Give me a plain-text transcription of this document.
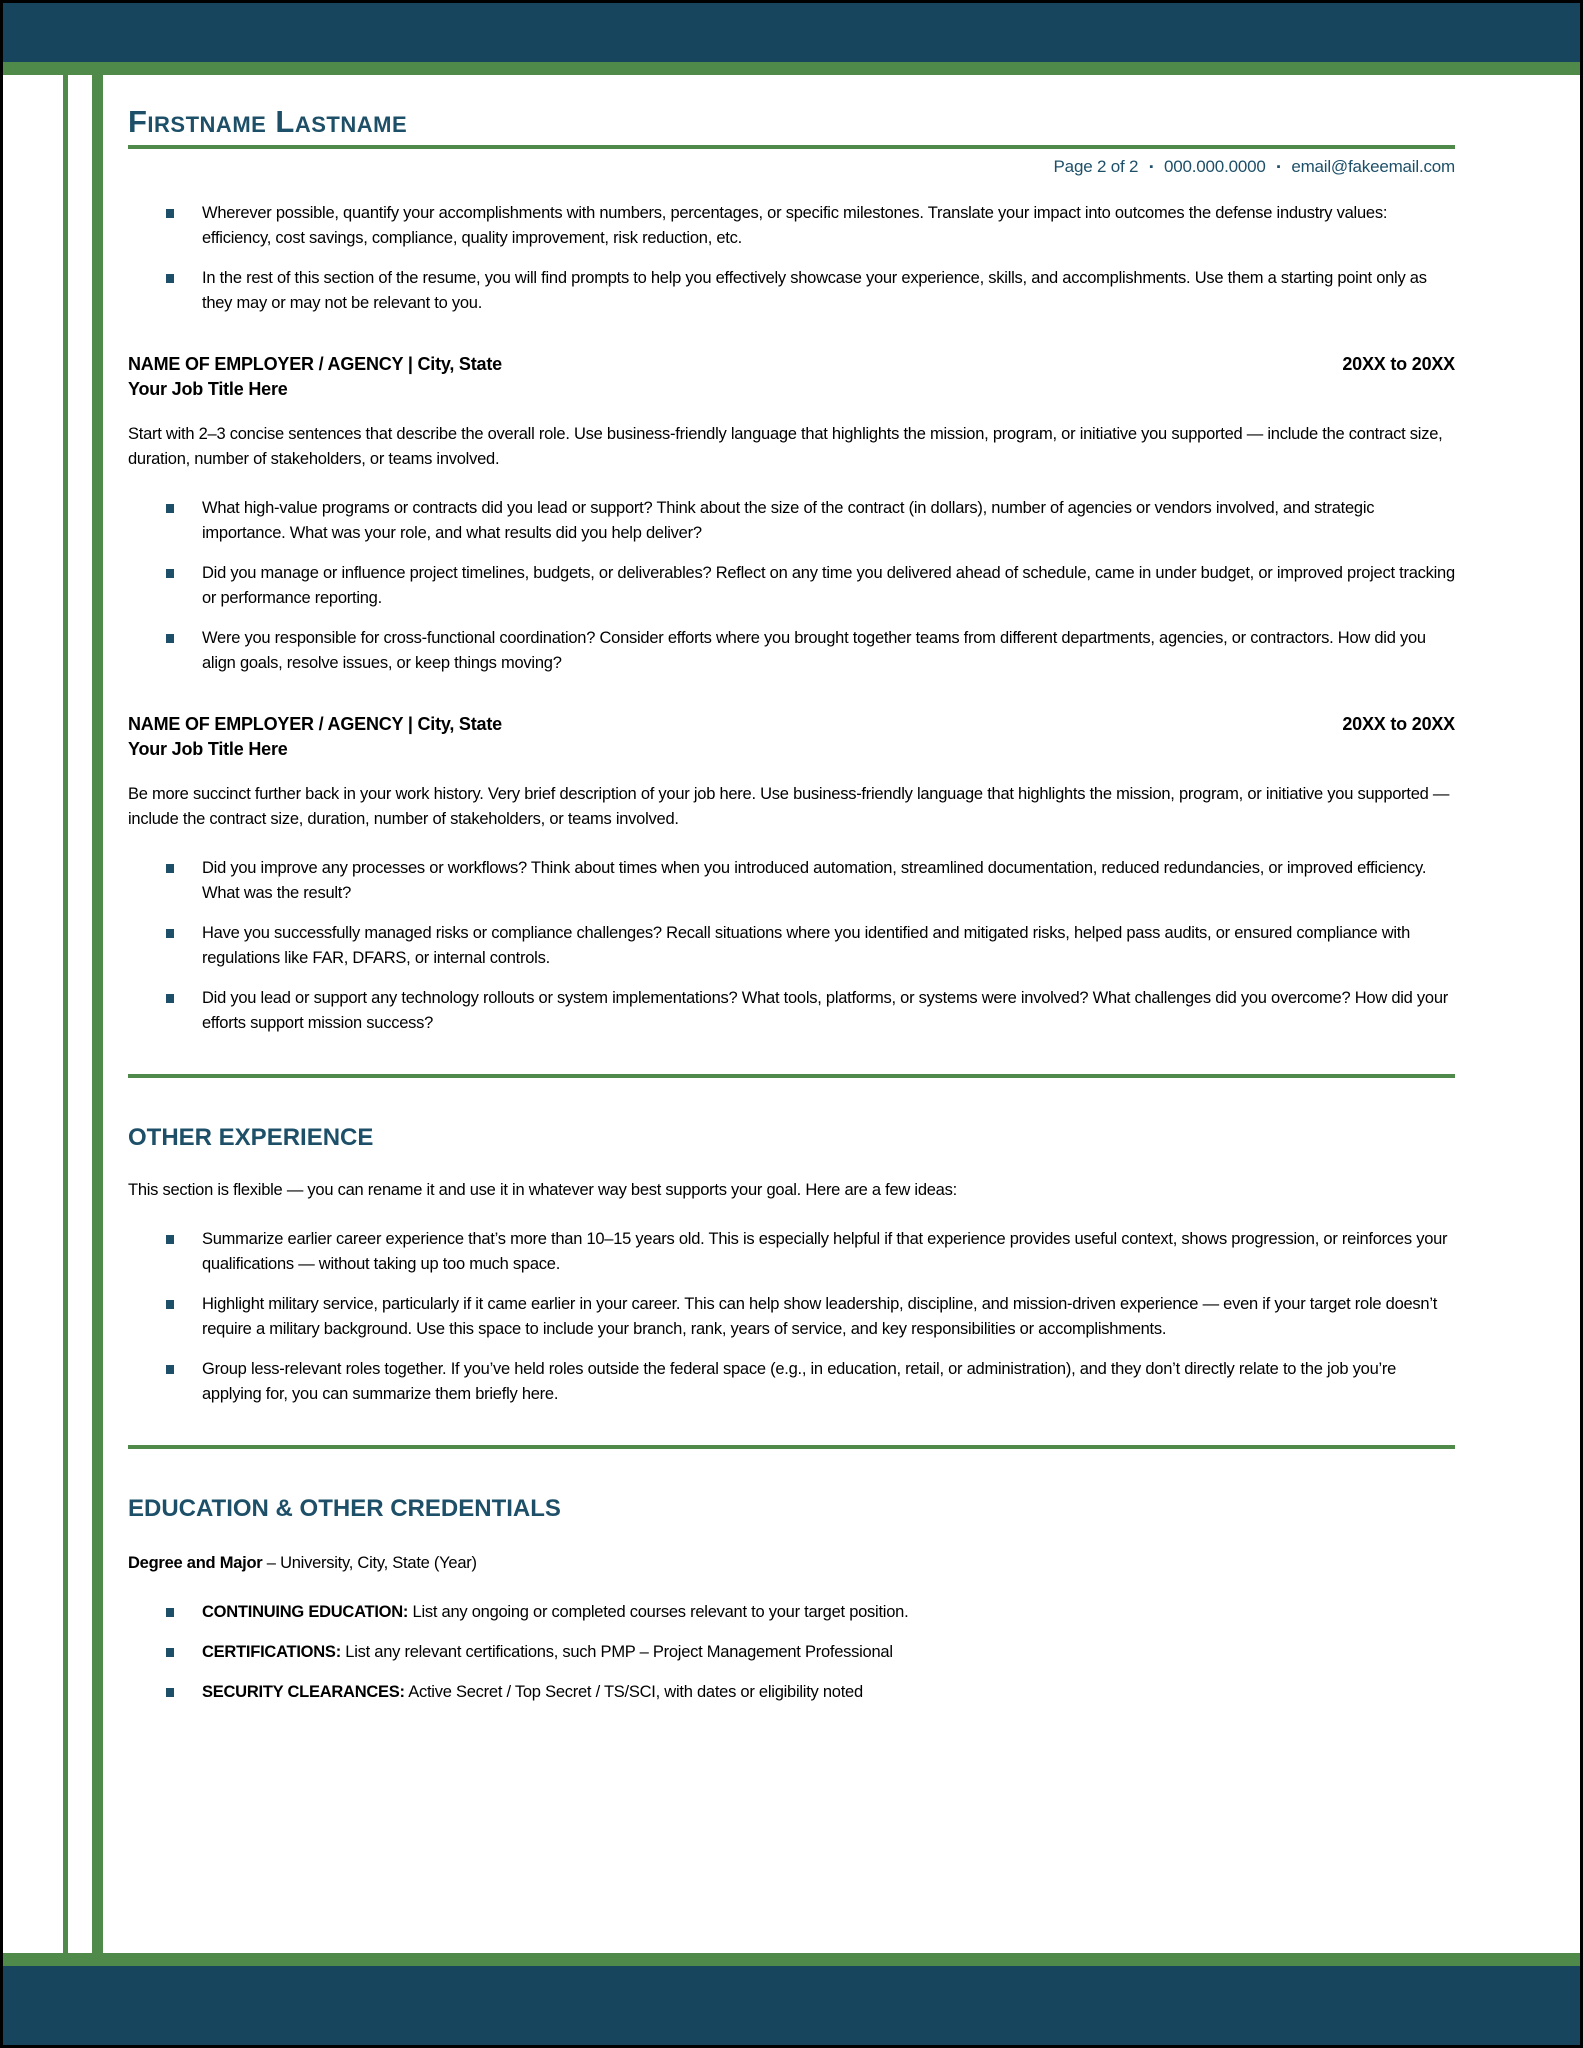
Firstname Lastname
Page 2 of 2 ▪ 000.000.0000 ▪ email@fakeemail.com
Wherever possible, quantify your accomplishments with numbers, percentages, or specific milestones. Translate your impact into outcomes the defense industry values: efficiency, cost savings, compliance, quality improvement, risk reduction, etc.
In the rest of this section of the resume, you will find prompts to help you effectively showcase your experience, skills, and accomplishments. Use them a starting point only as they may or may not be relevant to you.
NAME OF EMPLOYER / AGENCY | City, State	20XX to 20XX
Your Job Title Here

Start with 2–3 concise sentences that describe the overall role. Use business-friendly language that highlights the mission, program, or initiative you supported — include the contract size, duration, number of stakeholders, or teams involved.

What high-value programs or contracts did you lead or support? Think about the size of the contract (in dollars), number of agencies or vendors involved, and strategic importance. What was your role, and what results did you help deliver?
Did you manage or influence project timelines, budgets, or deliverables? Reflect on any time you delivered ahead of schedule, came in under budget, or improved project tracking or performance reporting.
Were you responsible for cross-functional coordination? Consider efforts where you brought together teams from different departments, agencies, or contractors. How did you align goals, resolve issues, or keep things moving?
NAME OF EMPLOYER / AGENCY | City, State	20XX to 20XX
Your Job Title Here

Be more succinct further back in your work history. Very brief description of your job here. Use business-friendly language that highlights the mission, program, or initiative you supported — include the contract size, duration, number of stakeholders, or teams involved.

Did you improve any processes or workflows? Think about times when you introduced automation, streamlined documentation, reduced redundancies, or improved efficiency. What was the result?
Have you successfully managed risks or compliance challenges? Recall situations where you identified and mitigated risks, helped pass audits, or ensured compliance with regulations like FAR, DFARS, or internal controls.
Did you lead or support any technology rollouts or system implementations? What tools, platforms, or systems were involved? What challenges did you overcome? How did your efforts support mission success?
OTHER EXPERIENCE

This section is flexible — you can rename it and use it in whatever way best supports your goal. Here are a few ideas:

Summarize earlier career experience that’s more than 10–15 years old. This is especially helpful if that experience provides useful context, shows progression, or reinforces your qualifications — without taking up too much space.
Highlight military service, particularly if it came earlier in your career. This can help show leadership, discipline, and mission-driven experience — even if your target role doesn’t require a military background. Use this space to include your branch, rank, years of service, and key responsibilities or accomplishments.
Group less-relevant roles together. If you’ve held roles outside the federal space (e.g., in education, retail, or administration), and they don’t directly relate to the job you’re applying for, you can summarize them briefly here.
EDUCATION & OTHER CREDENTIALS

Degree and Major – University, City, State (Year)

CONTINUING EDUCATION: List any ongoing or completed courses relevant to your target position.
CERTIFICATIONS: List any relevant certifications, such PMP – Project Management Professional
SECURITY CLEARANCES: Active Secret / Top Secret / TS/SCI, with dates or eligibility noted
